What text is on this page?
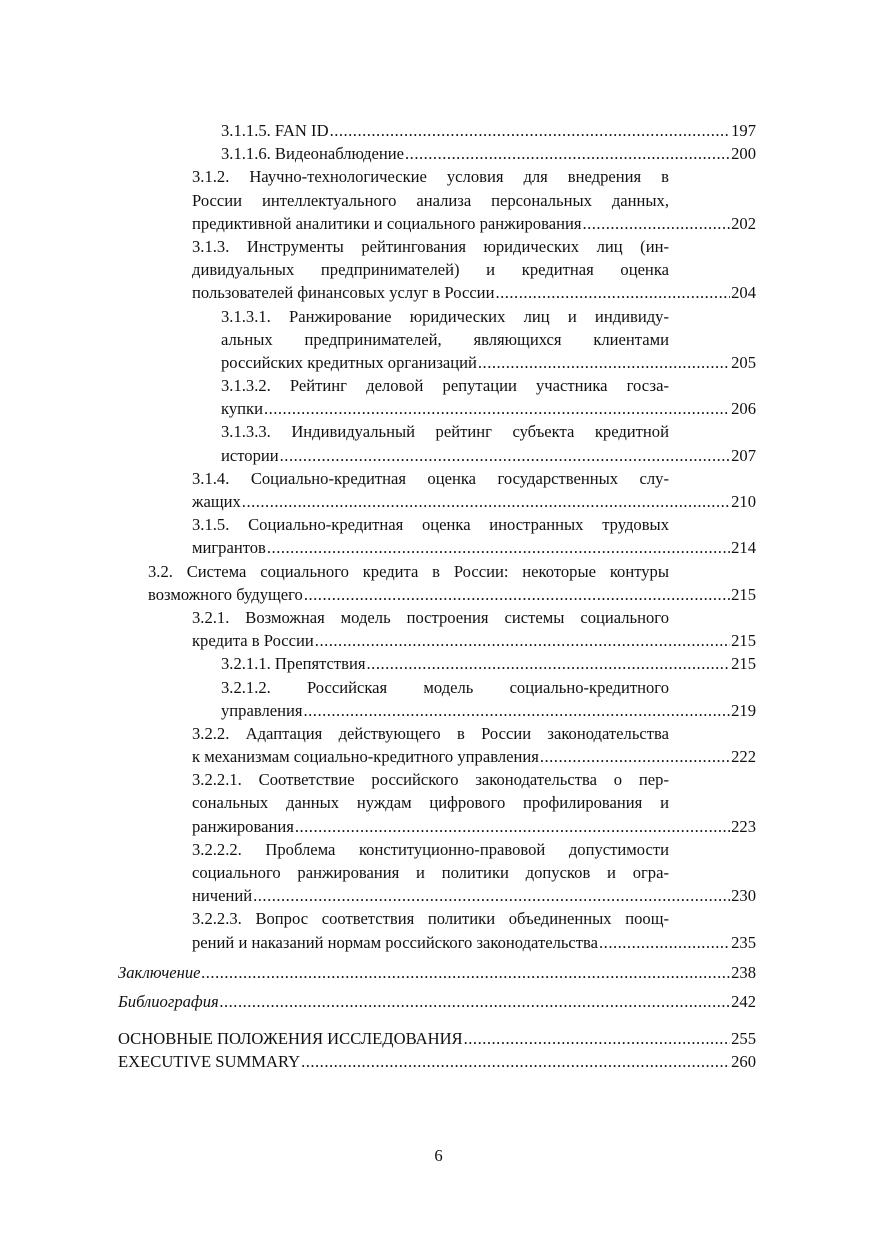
3.1.1.5. FAN ID .....	197
3.1.1.6. Видеонаблюдение .....	200
3.1.2. Научно-технологические условия для внедрения в
России интеллектуального анализа персональных данных,
предиктивной аналитики и социального ранжирования .....	202
3.1.3. Инструменты рейтингования юридических лиц (ин-
дивидуальных предпринимателей) и кредитная оценка
пользователей финансовых услуг в России .....	204
3.1.3.1. Ранжирование юридических лиц и индивиду-
альных предпринимателей, являющихся клиентами
российских кредитных организаций .....	205
3.1.3.2. Рейтинг деловой репутации участника госза-
купки .....	206
3.1.3.3. Индивидуальный рейтинг субъекта кредитной
истории .....	207
3.1.4. Социально-кредитная оценка государственных слу-
жащих .....	210
3.1.5. Социально-кредитная оценка иностранных трудовых
мигрантов .....	214
3.2. Система социального кредита в России: некоторые контуры
возможного будущего .....	215
3.2.1. Возможная модель построения системы социального
кредита в России .....	215
3.2.1.1. Препятствия .....	215
3.2.1.2. Российская модель социально-кредитного
управления .....	219
3.2.2. Адаптация действующего в России законодательства
к механизмам социально-кредитного управления .....	222
3.2.2.1. Соответствие российского законодательства о пер-
сональных данных нуждам цифрового профилирования и
ранжирования .....	223
3.2.2.2. Проблема конституционно-правовой допустимости
социального ранжирования и политики допусков и огра-
ничений .....	230
3.2.2.3. Вопрос соответствия политики объединенных поощ-
рений и наказаний нормам российского законодательства .....	235
Заключение .....	238
Библиография .....	242
ОСНОВНЫЕ ПОЛОЖЕНИЯ ИССЛЕДОВАНИЯ .....	255
EXECUTIVE SUMMARY .....	260
6
